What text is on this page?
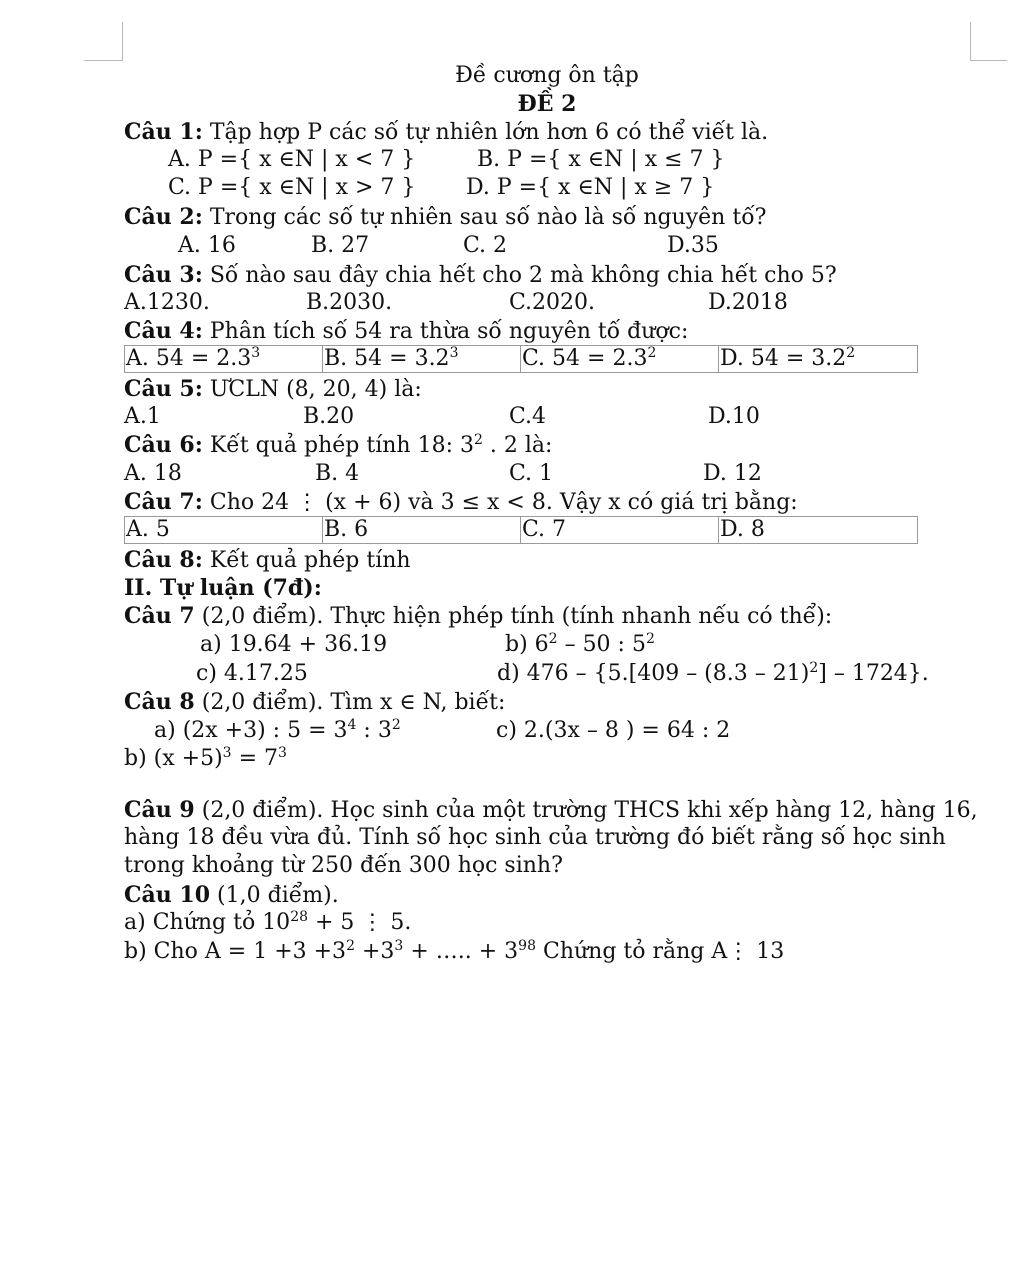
Đề cương ôn tập
ĐỀ 2
Câu 1: Tập hợp P các số tự nhiên lớn hơn 6 có thể viết là.
A. P ={ x ∈N | x < 7 }	B. P ={ x ∈N | x ≤ 7 }
C. P ={ x ∈N | x > 7 } D. P ={ x ∈N | x ≥ 7 }
Câu 2: Trong các số tự nhiên sau số nào là số nguyên tố?
A. 16	B. 27	C. 2	D.35
Câu 3: Số nào sau đây chia hết cho 2 mà không chia hết cho 5?
A.1230.	B.2030.	C.2020.	D.2018
Câu 4: Phân tích số 54 ra thừa số nguyên tố được:
A. $54 = 2.3^3$	B. $54 = 3.2^3$	C. $54 = 2.3^2$	D. $54 = 3.2^2$
Câu 5: ƯCLN (8, 20, 4) là:
A.1	B.20	C.4	D.10
Câu 6: Kết quả phép tính 18: $3^2$ . 2 là:
A. 18	B. 4	C. 1	D. 12
Câu 7: Cho 24 ⋮ (x + 6) và 3 ≤ x < 8. Vậy x có giá trị bằng:
A. 5	B. 6	C. 7	D. 8
Câu 8: Kết quả phép tính
II. Tự luận (7đ):
Câu 7 (2,0 điểm). Thực hiện phép tính (tính nhanh nếu có thể):
a) 19.64 + 36.19	b) $6^2 - 50$ : $5^2$
c) 4.17.25	d) 476 – {5.[409 – (8.3 – 21)$^2$] – 1724}.
Câu 8 (2,0 điểm). Tìm x ∈ N, biết:
a) (2x +3) : $5 = 3^4$ : $3^2$	c) 2.(3x – 8 ) = 64 : 2
b) $(x +5)^3 = 7^3$
Câu 9 (2,0 điểm). Học sinh của một trường THCS khi xếp hàng 12, hàng 16,
hàng 18 đều vừa đủ. Tính số học sinh của trường đó biết rằng số học sinh
trong khoảng từ 250 đến 300 học sinh?
Câu 10 (1,0 điểm).
a) Chứng tỏ $10^{28} + 5$ ⋮ 5.
b) Cho $A = 1 +3 +3^2 +3^3$ + ….. + $3^{98}$ Chứng tỏ rằng A⋮ 13
